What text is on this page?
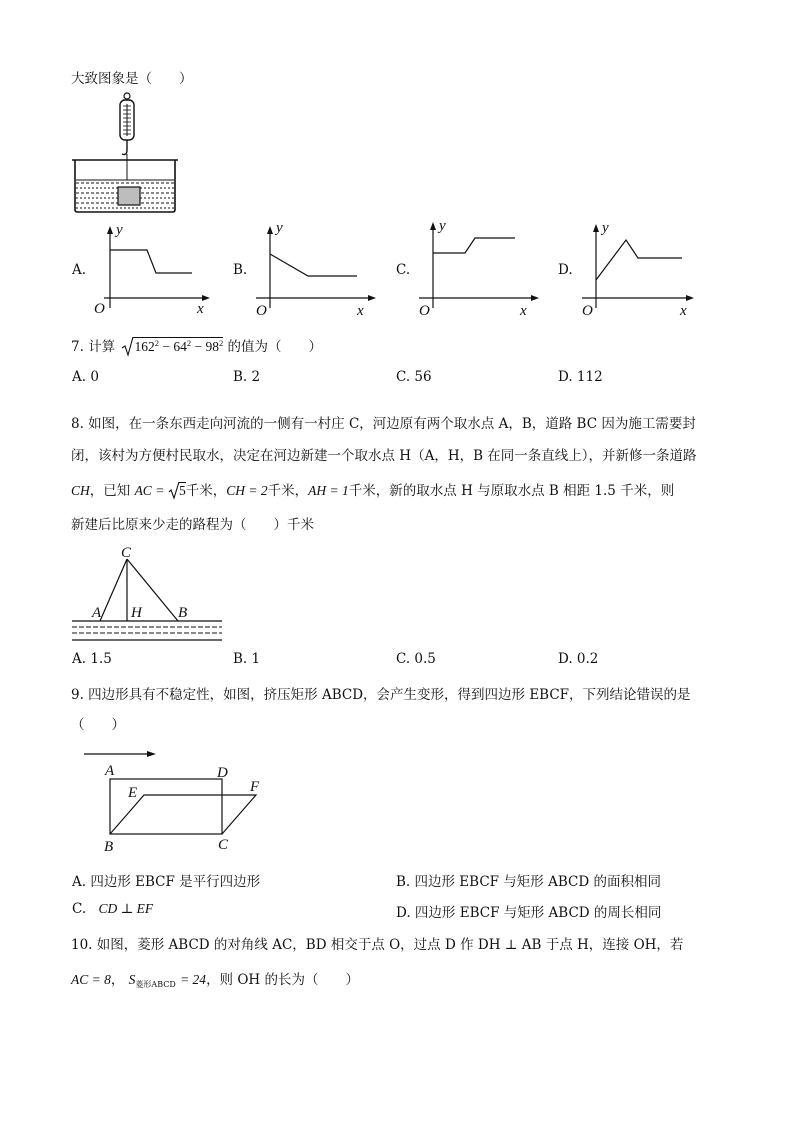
大致图象是（　　）
A.
y
O	x
B.
y
O	x
C.
y
O	x
D.
y
O	x
7. 计算 $162^2 - 64^2 - 98^2$ 的值为（　　）
A. 0	B. 2	C. 56	D. 112
8. 如图，在一条东西走向河流的一侧有一村庄 C，河边原有两个取水点 A，B，道路 BC 因为施工需要封
闭，该村为方便村民取水，决定在河边新建一个取水点 H（A，H，B 在同一条直线上），并新修一条道路
CH，已知 AC = 5千米，CH = 2千米，AH = 1千米，新的取水点 H 与原取水点 B 相距 1.5 千米，则
新建后比原来少走的路程为（　　）千米
C
A H B
A. 1.5	B. 1	C. 0.5	D. 0.2
9. 四边形具有不稳定性，如图，挤压矩形 ABCD，会产生变形，得到四边形 EBCF，下列结论错误的是
（　　）
A	D
E	F
B	C
A. 四边形 EBCF 是平行四边形	B. 四边形 EBCF 与矩形 ABCD 的面积相同
C. CD ⊥ EF	D. 四边形 EBCF 与矩形 ABCD 的周长相同
10. 如图，菱形 ABCD 的对角线 AC，BD 相交于点 O，过点 D 作 DH ⊥ AB 于点 H，连接 OH，若
AC = 8， $S_{菱形ABCD} = 24$，则 OH 的长为（　　）
